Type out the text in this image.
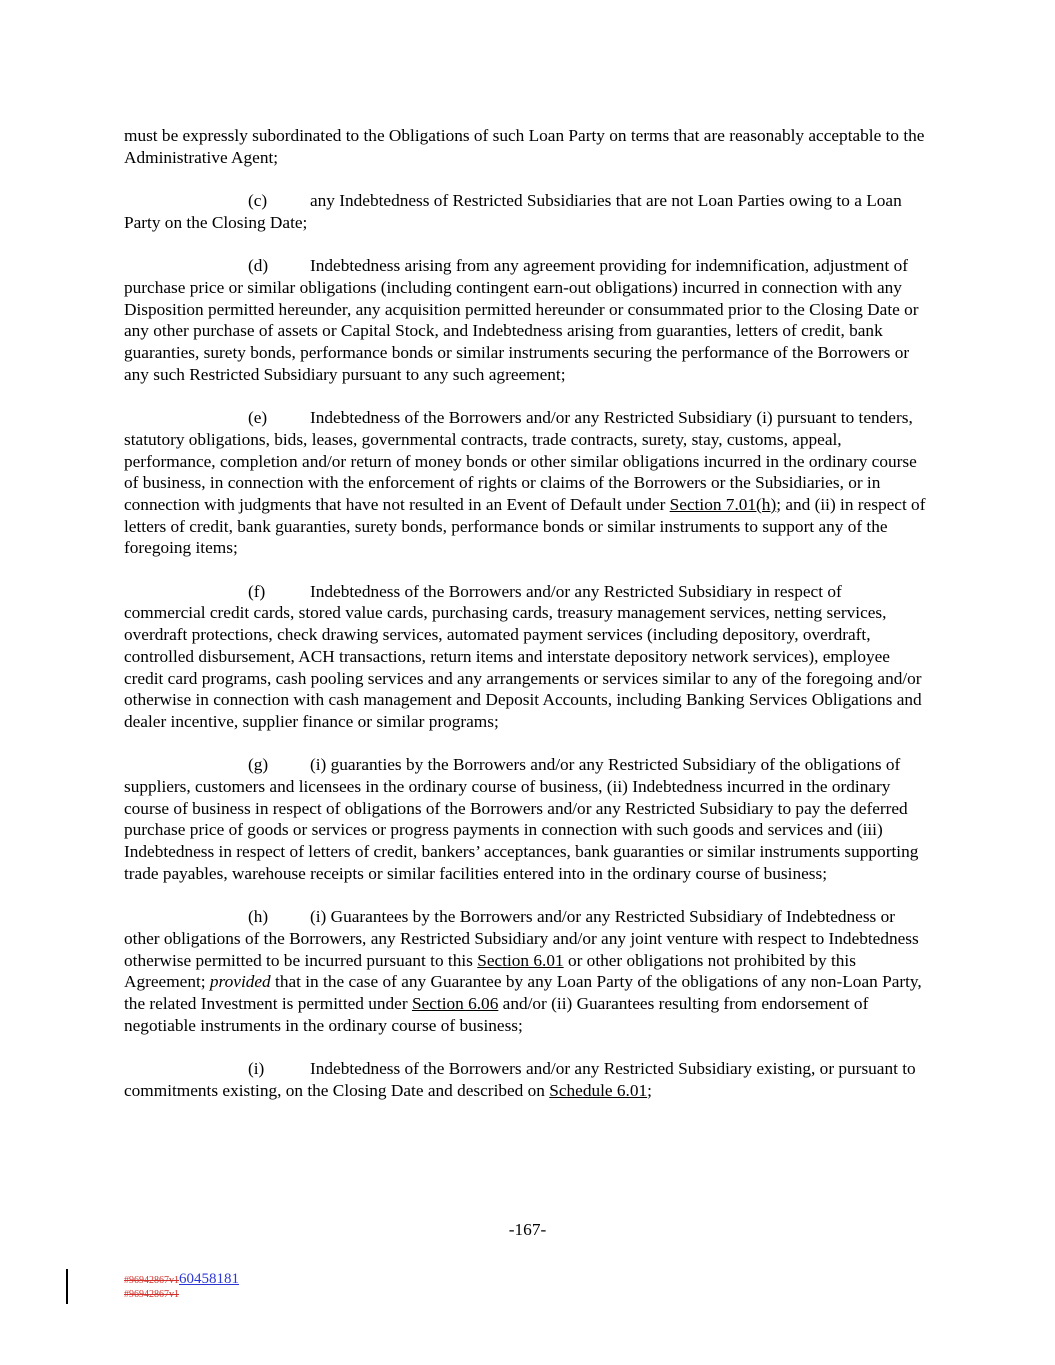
must be expressly subordinated to the Obligations of such Loan Party on terms that are reasonably acceptable to the Administrative Agent;

(c) any Indebtedness of Restricted Subsidiaries that are not Loan Parties owing to a Loan Party on the Closing Date;

(d) Indebtedness arising from any agreement providing for indemnification, adjustment of purchase price or similar obligations (including contingent earn-out obligations) incurred in connection with any Disposition permitted hereunder, any acquisition permitted hereunder or consummated prior to the Closing Date or any other purchase of assets or Capital Stock, and Indebtedness arising from guaranties, letters of credit, bank guaranties, surety bonds, performance bonds or similar instruments securing the performance of the Borrowers or any such Restricted Subsidiary pursuant to any such agreement;

(e) Indebtedness of the Borrowers and/or any Restricted Subsidiary (i) pursuant to tenders, statutory obligations, bids, leases, governmental contracts, trade contracts, surety, stay, customs, appeal, performance, completion and/or return of money bonds or other similar obligations incurred in the ordinary course of business, in connection with the enforcement of rights or claims of the Borrowers or the Subsidiaries, or in connection with judgments that have not resulted in an Event of Default under Section 7.01(h); and (ii) in respect of letters of credit, bank guaranties, surety bonds, performance bonds or similar instruments to support any of the foregoing items;

(f)	Indebtedness of the Borrowers and/or any Restricted Subsidiary in respect of commercial credit cards, stored value cards, purchasing cards, treasury management services, netting services, overdraft protections, check drawing services, automated payment services (including depository, overdraft, controlled disbursement, ACH transactions, return items and interstate depository network services), employee credit card programs, cash pooling services and any arrangements or services similar to any of the foregoing and/or otherwise in connection with cash management and Deposit Accounts, including Banking Services Obligations and dealer incentive, supplier finance or similar programs;

(g) (i) guaranties by the Borrowers and/or any Restricted Subsidiary of the obligations of suppliers, customers and licensees in the ordinary course of business, (ii) Indebtedness incurred in the ordinary course of business in respect of obligations of the Borrowers and/or any Restricted Subsidiary to pay the deferred purchase price of goods or services or progress payments in connection with such goods and services and (iii) Indebtedness in respect of letters of credit, bankers’ acceptances, bank guaranties or similar instruments supporting trade payables, warehouse receipts or similar facilities entered into in the ordinary course of business;

(h) (i) Guarantees by the Borrowers and/or any Restricted Subsidiary of Indebtedness or other obligations of the Borrowers, any Restricted Subsidiary and/or any joint venture with respect to Indebtedness otherwise permitted to be incurred pursuant to this Section 6.01 or other obligations not prohibited by this Agreement; provided that in the case of any Guarantee by any Loan Party of the obligations of any non-Loan Party, the related Investment is permitted under Section 6.06 and/or (ii) Guarantees resulting from endorsement of negotiable instruments in the ordinary course of business;

(i)	Indebtedness of the Borrowers and/or any Restricted Subsidiary existing, or pursuant to commitments existing, on the Closing Date and described on Schedule 6.01;

-167-
#96942867v160458181
#96942867v1
